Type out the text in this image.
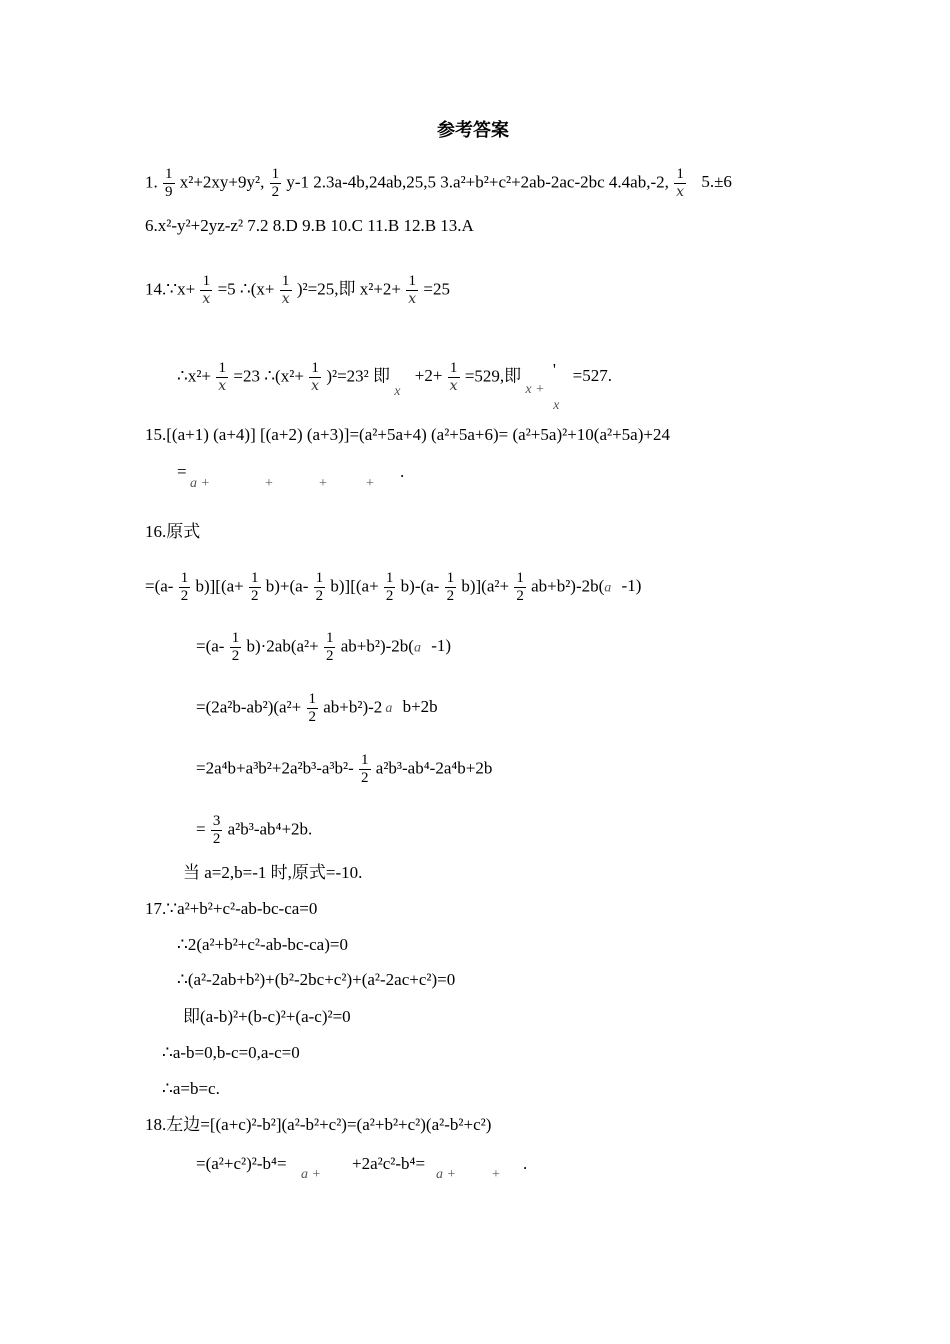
参考答案
1. $\frac{1}{9} x^2+2xy+9y^2$, $\frac{1}{2} y-1$ 2.3a-4b,24ab,25,5 3.a²+b²+c²+2ab-2ac-2bc 4.4ab,-2, $\frac{1}{x} 5.\pm 6$
6.x²-y²+2yz-z² 7.2 8.D 9.B 10.C 11.B 12.B 13.A
14.∵x+ $\frac{1}{x} =5$ ∴(x+ $\frac{1}{x} )^2=25$,即 $x^2+2+ \frac{1}{x} =25$
∴x²+ $\frac{1}{x} =23$ ∴(x²+ $\frac{1}{x} )^2=23^2$ 即 $_x +2+ \frac{1}{x} =529$,即 $_{x +}$ ' $_x$ =527.
15.[(a+1) (a+4)] [(a+2) (a+3)]=(a²+5a+4) (a²+5a+6)= (a²+5a)²+10(a²+5a)+24
=
a +	+	+	+
.
16.原式
$=(a- \frac{1}{2} b)][(a+ \frac{1}{2} b)+(a- \frac{1}{2} b)][(a+ \frac{1}{2} b)-(a- \frac{1}{2} b)](a^2+ \frac{1}{2} ab+b^2)-2b(a$ -1)
$=(a- \frac{1}{2} b)\cdot 2ab(a^2+ \frac{1}{2} ab+b^2)-2b(a$ -1)
$=(2a^2b-ab^2)(a^2+ \frac{1}{2} ab+b^2)-2$ a b+2b
$=2a^4b+a^3b^2+2a^2b^3-a^3b^2- \frac{1}{2} a^2b^3-ab^4-2a^4b+2b$
= $\frac{3}{2} a^2b^3-ab^4+2b$.
当 a=2,b=-1 时,原式=-10.
17.∵a²+b²+c²-ab-bc-ca=0
∴2(a²+b²+c²-ab-bc-ca)=0
∴(a²-2ab+b²)+(b²-2bc+c²)+(a²-2ac+c²)=0
即(a-b)²+(b-c)²+(a-c)²=0
∴a-b=0,b-c=0,a-c=0
∴a=b=c.
18.左边=[(a+c)²-b²](a²-b²+c²)=(a²+b²+c²)(a²-b²+c²)
=(a²+c²)²-b⁴=
a +
+2a²c²-b⁴=
a +	+
.
